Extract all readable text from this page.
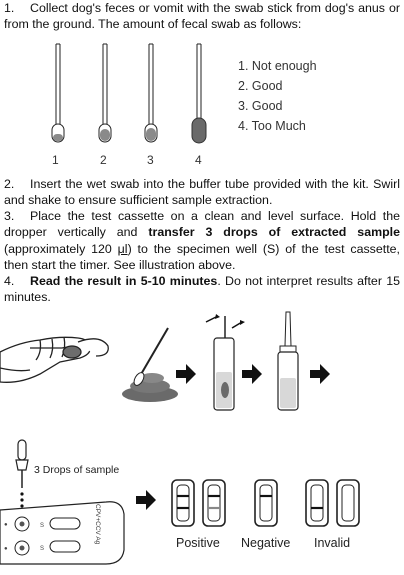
1. Collect dog's feces or vomit with the swab stick from dog's anus or from the ground. The amount of fecal swab as follows:

1	2	3	4
1. Not enough
2. Good
3. Good
4. Too Much

2. Insert the wet swab into the buffer tube provided with the kit. Swirl and shake to ensure sufficient sample extraction.

3. Place the test cassette on a clean and level surface. Hold the dropper vertically and transfer 3 drops of extracted sample (approximately 120 μl) to the specimen well (S) of the test cassette, then start the timer. See illustration above.

4. Read the result in 5-10 minutes. Do not interpret results after 15 minutes.

3 Drops of sample
S
S
●
●
CPV+CCV Ag	Positive Negative Invalid
